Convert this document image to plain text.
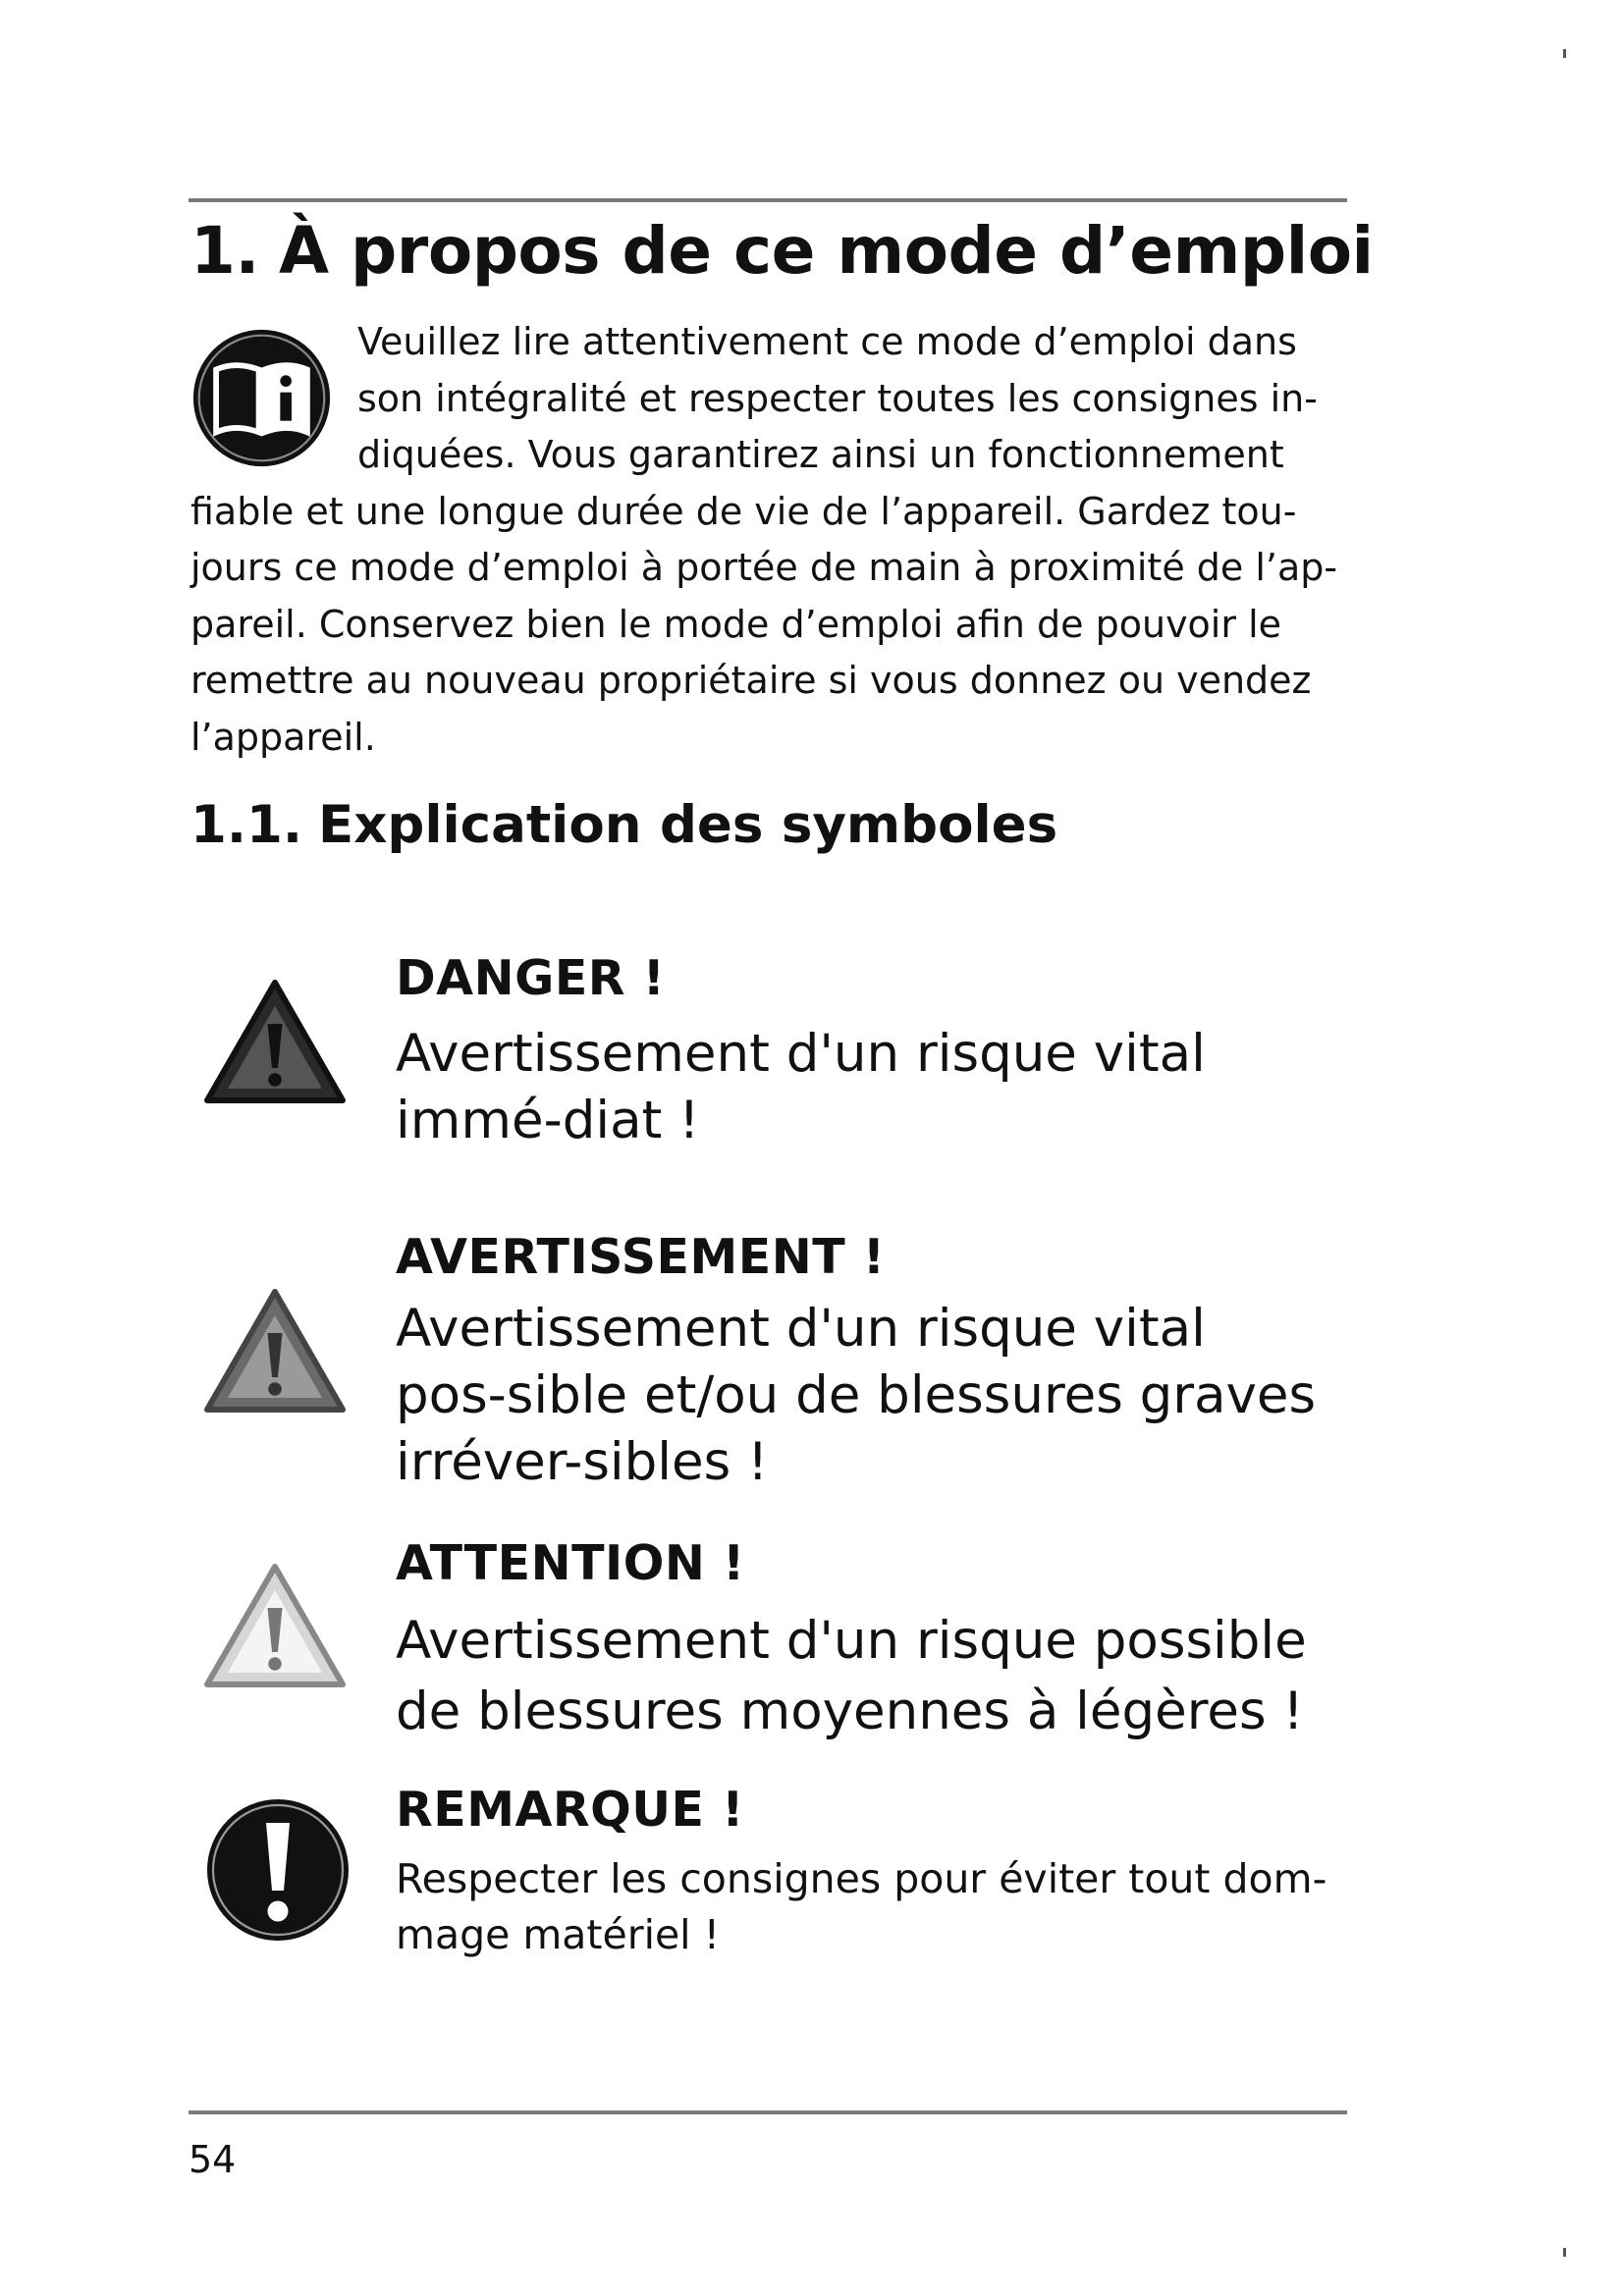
1. À propos de ce mode d’emploi

Veuillez lire attentivement ce mode d’emploi dans son intégralité et respecter toutes les consignes in-diquées. Vous garantirez ainsi un fonctionnement fiable et une longue durée de vie de l’appareil. Gardez tou-jours ce mode d’emploi à portée de main à proximité de l’ap-pareil. Conservez bien le mode d’emploi afin de pouvoir le remettre au nouveau propriétaire si vous donnez ou vendez l’appareil.

1.1. Explication des symboles

DANGER !

Avertissement d'un risque vital immé-diat !

AVERTISSEMENT !

Avertissement d'un risque vital pos-sible et/ou de blessures graves irréver-sibles !

ATTENTION !

Avertissement d'un risque possible de blessures moyennes à légères !

REMARQUE !

Respecter les consignes pour éviter tout dom-mage matériel !

54
